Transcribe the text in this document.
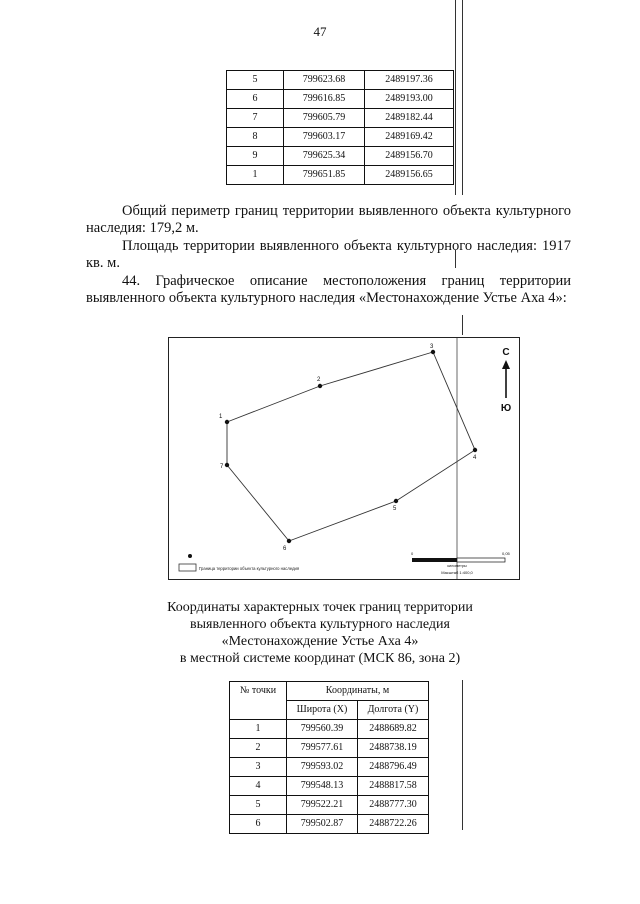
47
5	799623.68	2489197.36
6	799616.85	2489193.00
7	799605.79	2489182.44
8	799603.17	2489169.42
9	799625.34	2489156.70
1	799651.85	2489156.65
Общий периметр границ территории выявленного объекта культурного наследия: 179,2 м.
Площадь территории выявленного объекта культурного наследия: 1917 кв. м.
44. Графическое описание местоположения границ территории выявленного объекта культурного наследия «Местонахождение Устье Аха 4»:
1
2
3
4
5
6
7
С
Ю
Граница территории объекта культурного наследия
0	0,05
километры
Масштаб 1:400,0
Координаты характерных точек границ территории
выявленного объекта культурного наследия
«Местонахождение Устье Аха 4»
в местной системе координат (МСК 86, зона 2)
№ точки	Координаты, м	
	Широта (X)	Долгота (Y)
1	799560.39	2488689.82
2	799577.61	2488738.19
3	799593.02	2488796.49
4	799548.13	2488817.58
5	799522.21	2488777.30
6	799502.87	2488722.26
